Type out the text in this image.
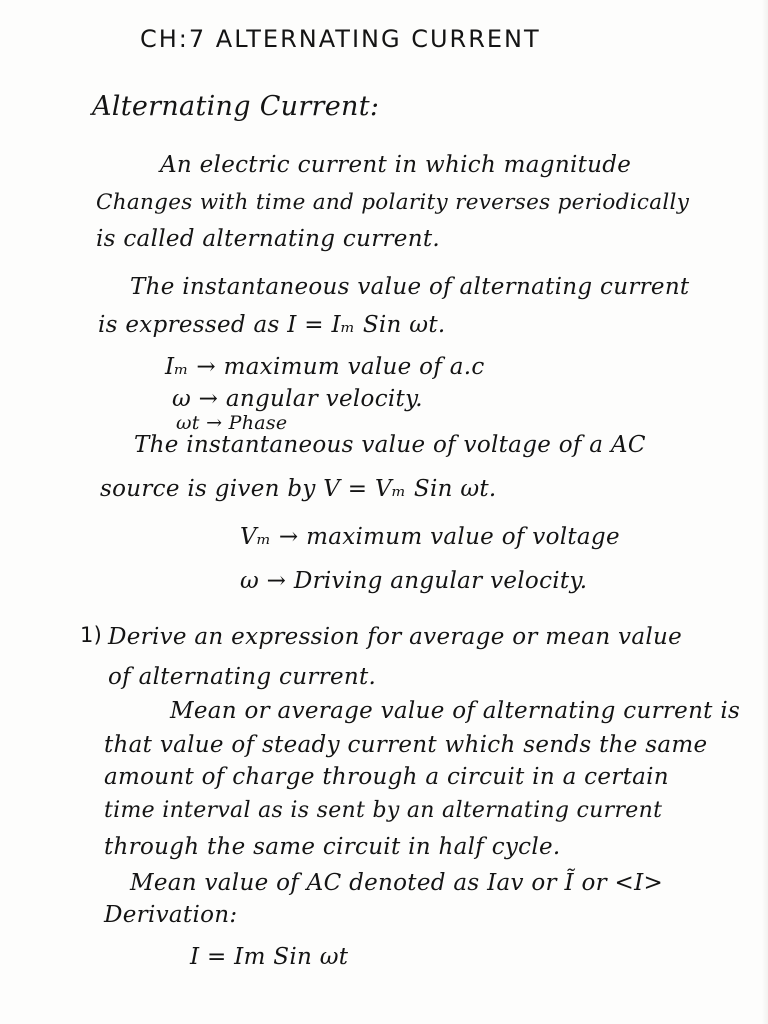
CH:7 ALTERNATING CURRENT
Alternating Current:
An electric current in which magnitude
Changes with time and polarity reverses periodically
is called alternating current.
The instantaneous value of alternating current
is expressed as I = Iₘ Sin ωt.
Iₘ → maximum value of a.c
ω → angular velocity.
ωt → Phase
The instantaneous value of voltage of a AC
source is given by V = Vₘ Sin ωt.
Vₘ → maximum value of voltage
ω → Driving angular velocity.
1) Derive an expression for average or mean value
of alternating current.
Mean or average value of alternating current is
that value of steady current which sends the same
amount of charge through a circuit in a certain
time interval as is sent by an alternating current
through the same circuit in half cycle.
Mean value of AC denoted as Iav or Ĩ or <I>
Derivation:
I = Im Sin ωt
